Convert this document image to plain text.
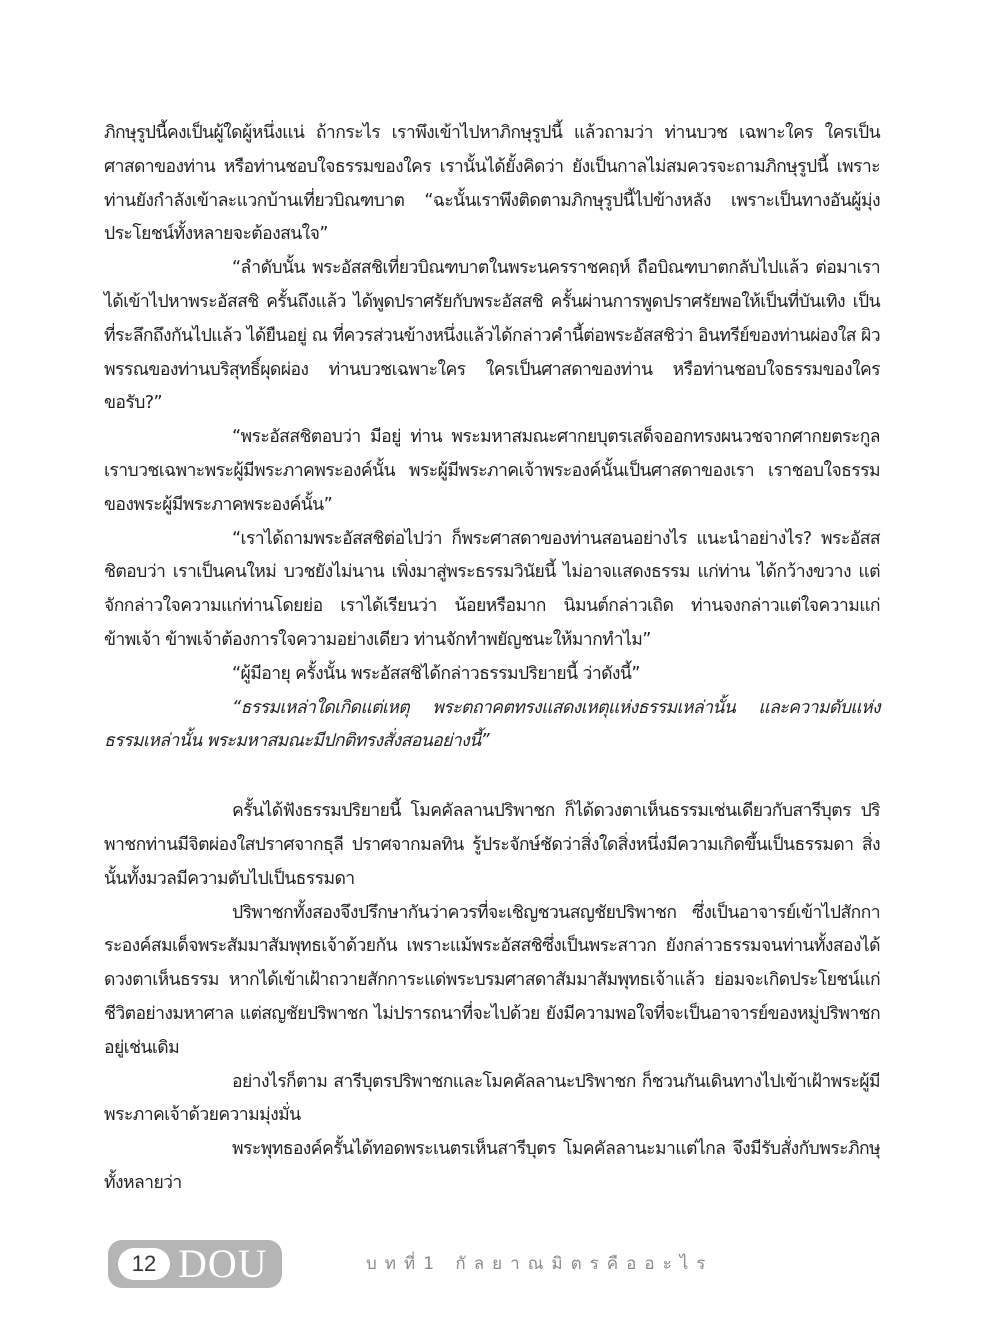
ภิกษุรูปนี้คงเป็นผู้ใดผู้หนึ่งแน่ ถ้ากระไร เราพึงเข้าไปหาภิกษุรูปนี้ แล้วถามว่า ท่านบวช เฉพาะใคร ใครเป็นศาสดาของท่าน หรือท่านชอบใจธรรมของใคร เรานั้นได้ยั้งคิดว่า ยังเป็นกาลไม่สมควรจะถามภิกษุรูปนี้ เพราะท่านยังกำลังเข้าละแวกบ้านเที่ยวบิณฑบาต “ฉะนั้นเราพึงติดตามภิกษุรูปนี้ไปข้างหลัง เพราะเป็นทางอันผู้มุ่งประโยชน์ทั้งหลายจะต้องสนใจ”

“ลำดับนั้น พระอัสสชิเที่ยวบิณฑบาตในพระนครราชคฤห์ ถือบิณฑบาตกลับไปแล้ว ต่อมาเราได้เข้าไปหาพระอัสสชิ ครั้นถึงแล้ว ได้พูดปราศรัยกับพระอัสสชิ ครั้นผ่านการพูดปราศรัยพอให้เป็นที่บันเทิง เป็นที่ระลึกถึงกันไปแล้ว ได้ยืนอยู่ ณ ที่ควรส่วนข้างหนึ่งแล้วได้กล่าวคำนี้ต่อพระอัสสชิว่า อินทรีย์ของท่านผ่องใส ผิวพรรณของท่านบริสุทธิ์ผุดผ่อง ท่านบวชเฉพาะใคร ใครเป็นศาสดาของท่าน หรือท่านชอบใจธรรมของใคร ขอรับ?”

“พระอัสสชิตอบว่า มีอยู่ ท่าน พระมหาสมณะศากยบุตรเสด็จออกทรงผนวชจากศากยตระกูล เราบวชเฉพาะพระผู้มีพระภาคพระองค์นั้น พระผู้มีพระภาคเจ้าพระองค์นั้นเป็นศาสดาของเรา เราชอบใจธรรมของพระผู้มีพระภาคพระองค์นั้น”

“เราได้ถามพระอัสสชิต่อไปว่า ก็พระศาสดาของท่านสอนอย่างไร แนะนำอย่างไร? พระอัสสชิตอบว่า เราเป็นคนใหม่ บวชยังไม่นาน เพิ่งมาสู่พระธรรมวินัยนี้ ไม่อาจแสดงธรรม แก่ท่าน ได้กว้างขวาง แต่จักกล่าวใจความแก่ท่านโดยย่อ เราได้เรียนว่า น้อยหรือมาก นิมนต์กล่าวเถิด ท่านจงกล่าวแต่ใจความแก่ข้าพเจ้า ข้าพเจ้าต้องการใจความอย่างเดียว ท่านจักทำพยัญชนะให้มากทำไม”

“ผู้มีอายุ ครั้งนั้น พระอัสสชิได้กล่าวธรรมปริยายนี้ ว่าดังนี้”

“ธรรมเหล่าใดเกิดแต่เหตุ พระตถาคตทรงแสดงเหตุแห่งธรรมเหล่านั้น และความดับแห่งธรรมเหล่านั้น พระมหาสมณะมีปกติทรงสั่งสอนอย่างนี้”

ครั้นได้ฟังธรรมปริยายนี้ โมคคัลลานปริพาชก ก็ได้ดวงตาเห็นธรรมเช่นเดียวกับสารีบุตร ปริพาชกท่านมีจิตผ่องใสปราศจากธุลี ปราศจากมลทิน รู้ประจักษ์ชัดว่าสิ่งใดสิ่งหนึ่งมีความเกิดขึ้นเป็นธรรมดา สิ่งนั้นทั้งมวลมีความดับไปเป็นธรรมดา

ปริพาชกทั้งสองจึงปรึกษากันว่าควรที่จะเชิญชวนสญชัยปริพาชก ซึ่งเป็นอาจารย์เข้าไปสักการะองค์สมเด็จพระสัมมาสัมพุทธเจ้าด้วยกัน เพราะแม้พระอัสสชิซึ่งเป็นพระสาวก ยังกล่าวธรรมจนท่านทั้งสองได้ดวงตาเห็นธรรม หากได้เข้าเฝ้าถวายสักการะแด่พระบรมศาสดาสัมมาสัมพุทธเจ้าแล้ว ย่อมจะเกิดประโยชน์แก่ชีวิตอย่างมหาศาล แต่สญชัยปริพาชก ไม่ปรารถนาที่จะไปด้วย ยังมีความพอใจที่จะเป็นอาจารย์ของหมู่ปริพาชกอยู่เช่นเดิม

อย่างไรก็ตาม สารีบุตรปริพาชกและโมคคัลลานะปริพาชก ก็ชวนกันเดินทางไปเข้าเฝ้าพระผู้มีพระภาคเจ้าด้วยความมุ่งมั่น

พระพุทธองค์ครั้นได้ทอดพระเนตรเห็นสารีบุตร โมคคัลลานะมาแต่ไกล จึงมีรับสั่งกับพระภิกษุทั้งหลายว่า

12 DOU	บทที่1 กัลยาณมิตรคืออะไร
